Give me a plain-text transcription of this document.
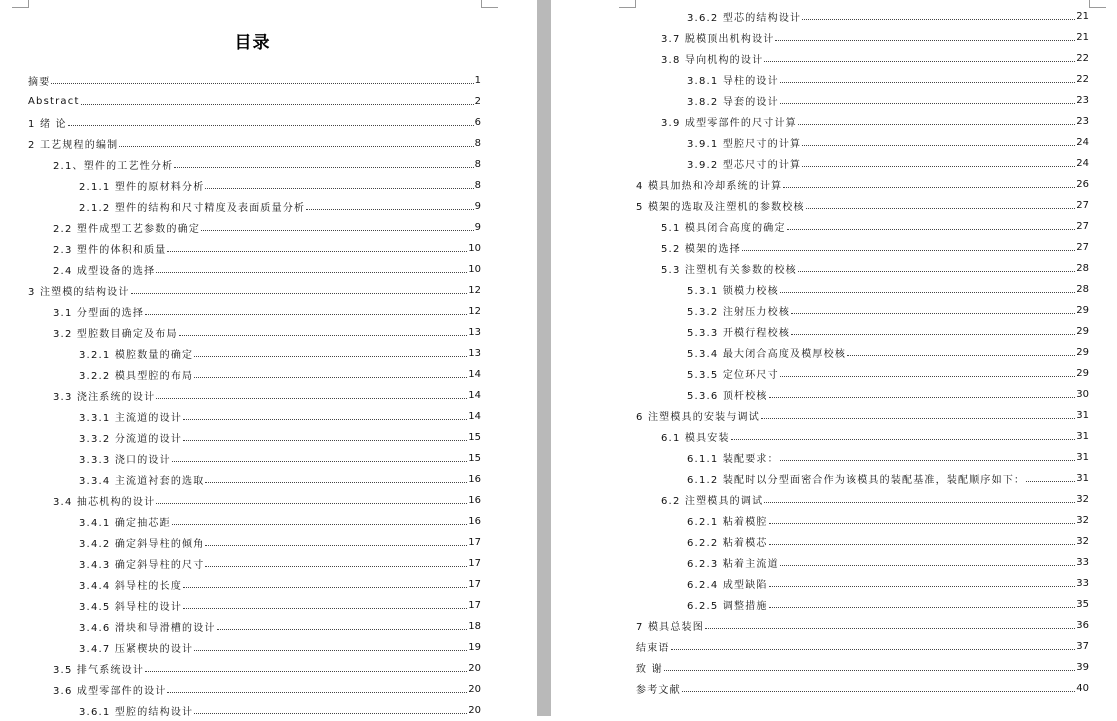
目录
摘要	1
Abstract	2
1 绪 论	6
2 工艺规程的编制	8
2.1、塑件的工艺性分析	8
2.1.1 塑件的原材料分析	8
2.1.2 塑件的结构和尺寸精度及表面质量分析	9
2.2 塑件成型工艺参数的确定	9
2.3 塑件的体积和质量	10
2.4 成型设备的选择	10
3 注塑模的结构设计	12
3.1 分型面的选择	12
3.2 型腔数目确定及布局	13
3.2.1 模腔数量的确定	13
3.2.2 模具型腔的布局	14
3.3 浇注系统的设计	14
3.3.1 主流道的设计	14
3.3.2 分流道的设计	15
3.3.3 浇口的设计	15
3.3.4 主流道衬套的选取	16
3.4 抽芯机构的设计	16
3.4.1 确定抽芯距	16
3.4.2 确定斜导柱的倾角	17
3.4.3 确定斜导柱的尺寸	17
3.4.4 斜导柱的长度	17
3.4.5 斜导柱的设计	17
3.4.6 滑块和导滑槽的设计	18
3.4.7 压紧楔块的设计	19
3.5 排气系统设计	20
3.6 成型零部件的设计	20
3.6.1 型腔的结构设计	20
3.6.2 型芯的结构设计	21
3.7 脱模顶出机构设计	21
3.8 导向机构的设计	22
3.8.1 导柱的设计	22
3.8.2 导套的设计	23
3.9 成型零部件的尺寸计算	23
3.9.1 型腔尺寸的计算	24
3.9.2 型芯尺寸的计算	24
4 模具加热和冷却系统的计算	26
5 模架的选取及注塑机的参数校核	27
5.1 模具闭合高度的确定	27
5.2 模架的选择	27
5.3 注塑机有关参数的校核	28
5.3.1 锁模力校核	28
5.3.2 注射压力校核	29
5.3.3 开模行程校核	29
5.3.4 最大闭合高度及模厚校核	29
5.3.5 定位环尺寸	29
5.3.6 顶杆校核	30
6 注塑模具的安装与调试	31
6.1 模具安装	31
6.1.1 装配要求：	31
6.1.2 装配时以分型面密合作为该模具的装配基准，装配顺序如下：	31
6.2 注塑模具的调试	32
6.2.1 粘着模腔	32
6.2.2 粘着模芯	32
6.2.3 粘着主流道	33
6.2.4 成型缺陷	33
6.2.5 调整措施	35
7 模具总装图	36
结束语	37
致 谢	39
参考文献	40
